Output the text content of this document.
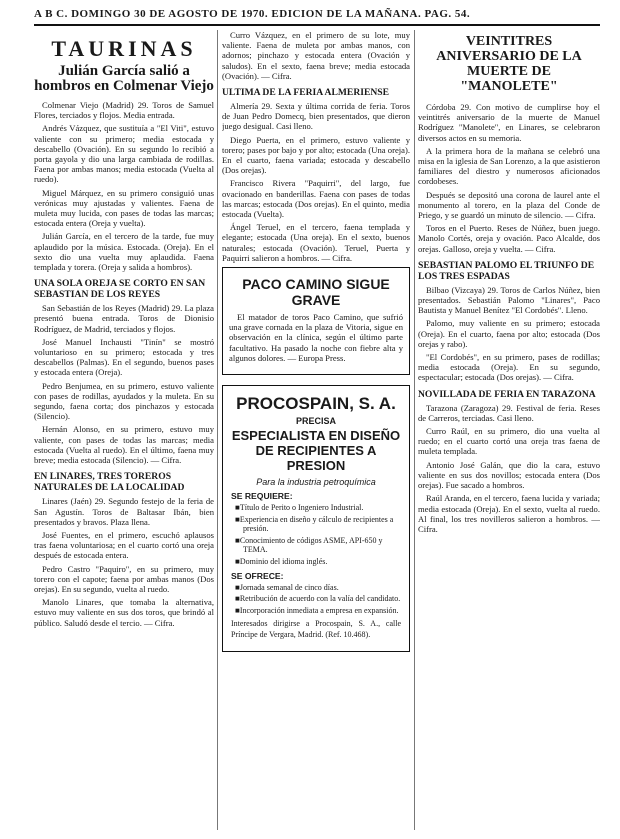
A B C. DOMINGO 30 DE AGOSTO DE 1970. EDICION DE LA MAÑANA. PAG. 54.
TAURINAS
Julián García salió a hombros en Colmenar Viejo

Colmenar Viejo (Madrid) 29. Toros de Samuel Flores, terciados y flojos. Media entrada.

Andrés Vázquez, que sustituía a "El Viti", estuvo valiente con su primero; media estocada y descabello (Ovación). En su segundo lo recibió a porta gayola y dio una larga cambiada de rodillas. Faena por ambas manos; media estocada (Vuelta al ruedo).

Miguel Márquez, en su primero consiguió unas verónicas muy ajustadas y valientes. Faena de muleta muy lucida, con pases de todas las marcas; estocada entera (Oreja y vuelta).

Julián García, en el tercero de la tarde, fue muy aplaudido por la música. Estocada. (Oreja). En el sexto dio una vuelta muy aplaudida. Faena templada y torera. (Oreja y salida a hombros).

UNA SOLA OREJA SE CORTO EN SAN SEBASTIAN DE LOS REYES

San Sebastián de los Reyes (Madrid) 29. La plaza presentó buena entrada. Toros de Dionisio Rodríguez, de Madrid, terciados y flojos.

José Manuel Inchausti "Tinín" se mostró voluntarioso en su primero; estocada y tres descabellos (Palmas). En el segundo, buenos pases y estocada entera (Oreja).

Pedro Benjumea, en su primero, estuvo valiente con pases de rodillas, ayudados y la muleta. En su segundo, faena corta; dos pinchazos y estocada (Silencio).

Hernán Alonso, en su primero, estuvo muy valiente, con pases de todas las marcas; media estocada (Vuelta al ruedo). En el último, faena muy breve; media estocada (Silencio). — Cifra.

EN LINARES, TRES TOREROS NATURALES DE LA LOCALIDAD

Linares (Jaén) 29. Segundo festejo de la feria de San Agustín. Toros de Baltasar Ibán, bien presentados y bravos. Plaza llena.

José Fuentes, en el primero, escuchó aplausos tras faena voluntariosa; en el cuarto cortó una oreja después de estocada entera.

Pedro Castro "Paquiro", en su primero, muy torero con el capote; faena por ambas manos (Dos orejas). En su segundo, vuelta al ruedo.

Manolo Linares, que tomaba la alternativa, estuvo muy valiente en sus dos toros, que brindó al público. Saludó desde el tercio. — Cifra.

Curro Vázquez, en el primero de su lote, muy valiente. Faena de muleta por ambas manos, con adornos; pinchazo y estocada entera (Ovación y saludos). En el sexto, faena breve; media estocada (Ovación). — Cifra.

ULTIMA DE LA FERIA ALMERIENSE

Almería 29. Sexta y última corrida de feria. Toros de Juan Pedro Domecq, bien presentados, que dieron juego desigual. Casi lleno.

Diego Puerta, en el primero, estuvo valiente y torero; pases por bajo y por alto; estocada (Una oreja). En el cuarto, faena variada; estocada y descabello (Dos orejas).

Francisco Rivera "Paquirri", del largo, fue ovacionado en banderillas. Faena con pases de todas las marcas; estocada (Dos orejas). En el quinto, media estocada (Vuelta).

Ángel Teruel, en el tercero, faena templada y elegante; estocada (Una oreja). En el sexto, buenos naturales; estocada (Ovación). Teruel, Puerta y Paquirri salieron a hombros. — Cifra.

PACO CAMINO SIGUE GRAVE

El matador de toros Paco Camino, que sufrió una grave cornada en la plaza de Vitoria, sigue en observación en la clínica, según el último parte facultativo. Ha pasado la noche con fiebre alta y algunos dolores. — Europa Press.

PROCOSPAIN, S. A.
PRECISA
ESPECIALISTA EN DISEÑO DE RECIPIENTES A PRESION
Para la industria petroquímica
SE REQUIERE:
■ Título de Perito o Ingeniero Industrial.
■ Experiencia en diseño y cálculo de recipientes a presión.
■ Conocimiento de códigos ASME, API-650 y TEMA.
■ Dominio del idioma inglés.
SE OFRECE:
■ Jornada semanal de cinco días.
■ Retribución de acuerdo con la valía del candidato.
■ Incorporación inmediata a empresa en expansión.

Interesados dirigirse a Procospain, S. A., calle Príncipe de Vergara, Madrid. (Ref. 10.468).

VEINTITRES ANIVERSARIO DE LA MUERTE DE "MANOLETE"

Córdoba 29. Con motivo de cumplirse hoy el veintitrés aniversario de la muerte de Manuel Rodríguez "Manolete", en Linares, se celebraron diversos actos en su memoria.

A la primera hora de la mañana se celebró una misa en la iglesia de San Lorenzo, a la que asistieron familiares del diestro y numerosos aficionados cordobeses.

Después se depositó una corona de laurel ante el monumento al torero, en la plaza del Conde de Priego, y se guardó un minuto de silencio. — Cifra.

Toros en el Puerto. Reses de Núñez, buen juego. Manolo Cortés, oreja y ovación. Paco Alcalde, dos orejas. Galloso, oreja y vuelta. — Cifra.

SEBASTIAN PALOMO EL TRIUNFO DE LOS TRES ESPADAS

Bilbao (Vizcaya) 29. Toros de Carlos Núñez, bien presentados. Sebastián Palomo "Linares", Paco Bautista y Manuel Benítez "El Cordobés". Lleno.

Palomo, muy valiente en su primero; estocada (Oreja). En el cuarto, faena por alto; estocada (Dos orejas y rabo).

"El Cordobés", en su primero, pases de rodillas; media estocada (Oreja). En su segundo, espectacular; estocada (Dos orejas). — Cifra.

NOVILLADA DE FERIA EN TARAZONA

Tarazona (Zaragoza) 29. Festival de feria. Reses de Carreros, terciadas. Casi lleno.

Curro Raúl, en su primero, dio una vuelta al ruedo; en el cuarto cortó una oreja tras faena de muleta templada.

Antonio José Galán, que dio la cara, estuvo valiente en sus dos novillos; estocada entera (Dos orejas). Fue sacado a hombros.

Raúl Aranda, en el tercero, faena lucida y variada; media estocada (Oreja). En el sexto, vuelta al ruedo. Al final, los tres novilleros salieron a hombros. — Cifra.
